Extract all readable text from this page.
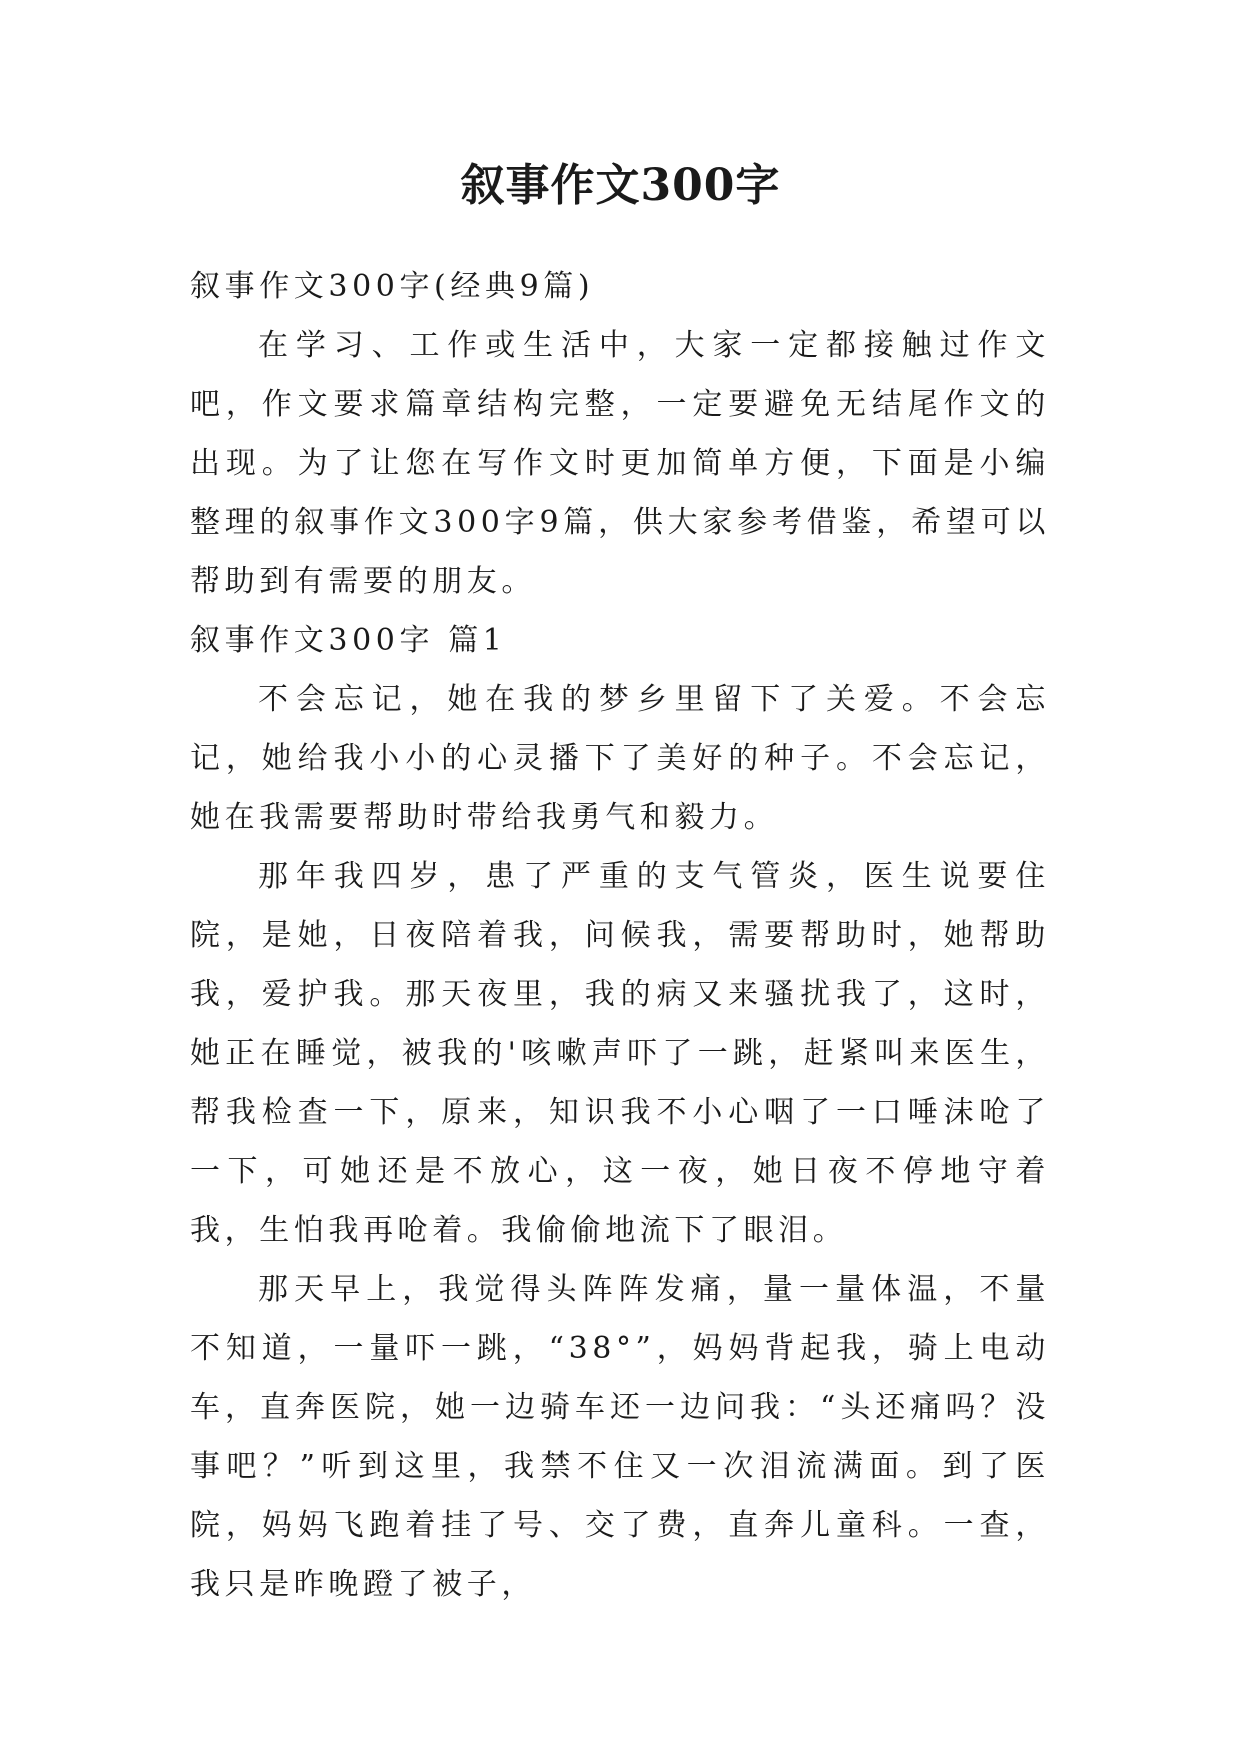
叙事作文300字

叙事作文300字(经典9篇)

在学习、工作或生活中，大家一定都接触过作文吧，作文要求篇章结构完整，一定要避免无结尾作文的出现。为了让您在写作文时更加简单方便，下面是小编整理的叙事作文300字9篇，供大家参考借鉴，希望可以帮助到有需要的朋友。

叙事作文300字 篇1

不会忘记，她在我的梦乡里留下了关爱。不会忘记，她给我小小的心灵播下了美好的种子。不会忘记，她在我需要帮助时带给我勇气和毅力。

那年我四岁，患了严重的支气管炎，医生说要住院，是她，日夜陪着我，问候我，需要帮助时，她帮助我，爱护我。那天夜里，我的病又来骚扰我了，这时，她正在睡觉，被我的'咳嗽声吓了一跳，赶紧叫来医生，帮我检查一下，原来，知识我不小心咽了一口唾沫呛了一下，可她还是不放心，这一夜，她日夜不停地守着我，生怕我再呛着。我偷偷地流下了眼泪。

那天早上，我觉得头阵阵发痛，量一量体温，不量不知道，一量吓一跳，“38°”，妈妈背起我，骑上电动车，直奔医院，她一边骑车还一边问我：“头还痛吗？没事吧？”听到这里，我禁不住又一次泪流满面。到了医院，妈妈飞跑着挂了号、交了费，直奔儿童科。一查，我只是昨晚蹬了被子，
